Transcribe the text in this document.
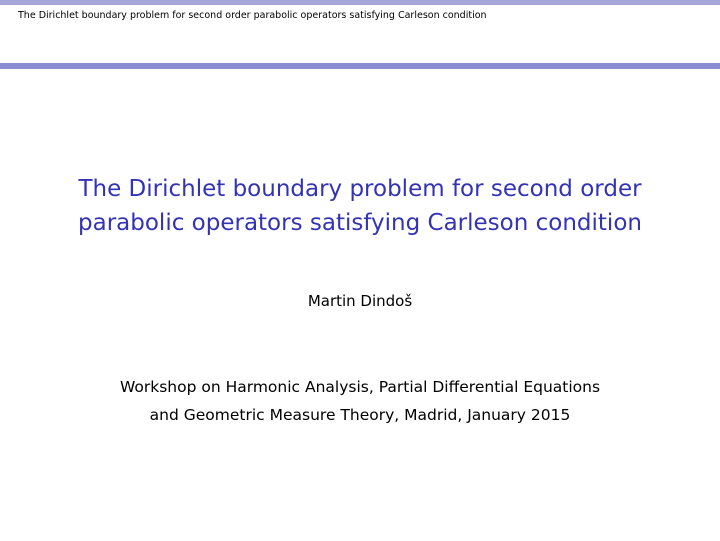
The Dirichlet boundary problem for second order parabolic operators satisfying Carleson condition
The Dirichlet boundary problem for second order
parabolic operators satisfying Carleson condition
Martin Dindoš
Workshop on Harmonic Analysis, Partial Differential Equations
and Geometric Measure Theory, Madrid, January 2015
